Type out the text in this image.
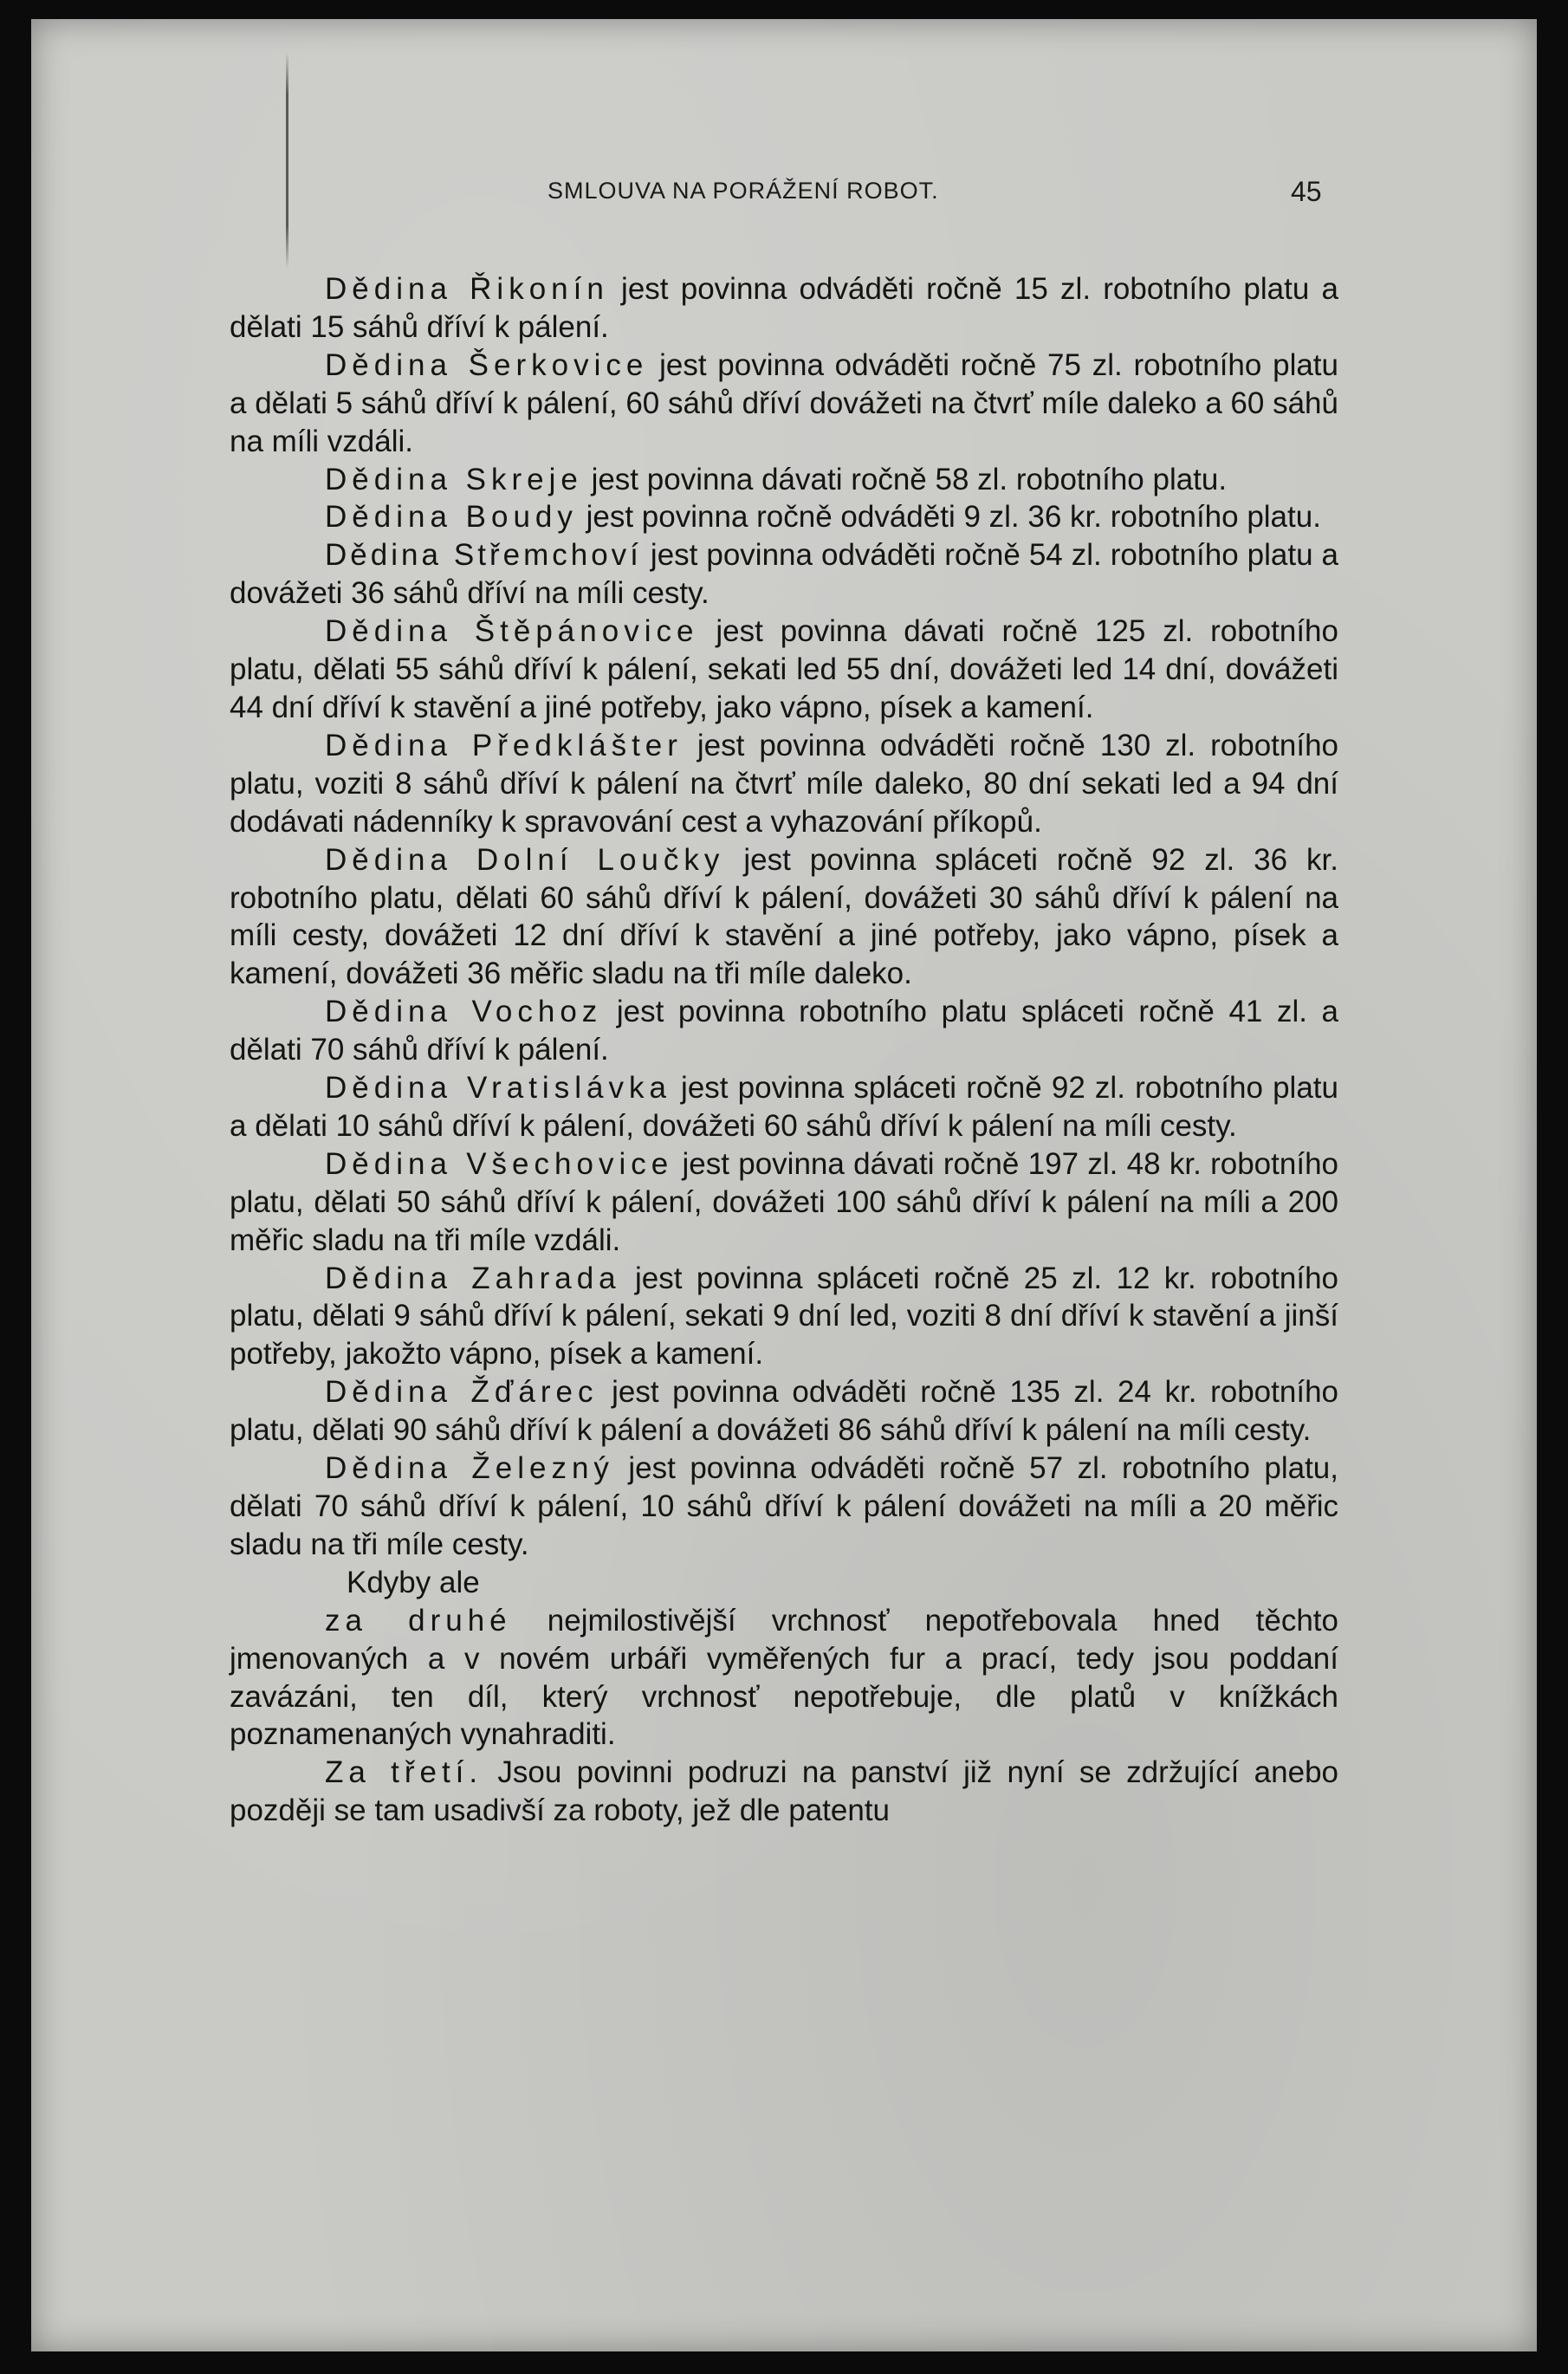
SMLOUVA NA PORÁŽENÍ ROBOT.	45

Dědina Řikonín jest povinna odváděti ročně 15 zl. robotního platu a dělati 15 sáhů dříví k pálení.

Dědina Šerkovice jest povinna odváděti ročně 75 zl. robotního platu a dělati 5 sáhů dříví k pálení, 60 sáhů dříví dovážeti na čtvrť míle daleko a 60 sáhů na míli vzdáli.

Dědina Skreje jest povinna dávati ročně 58 zl. robotního platu.

Dědina Boudy jest povinna ročně odváděti 9 zl. 36 kr. robotního platu.

Dědina Střemchoví jest povinna odváděti ročně 54 zl. robotního platu a dovážeti 36 sáhů dříví na míli cesty.

Dědina Štěpánovice jest povinna dávati ročně 125 zl. robotního platu, dělati 55 sáhů dříví k pálení, sekati led 55 dní, dovážeti led 14 dní, dovážeti 44 dní dříví k stavění a jiné potřeby, jako vápno, písek a kamení.

Dědina Předklášter jest povinna odváděti ročně 130 zl. robotního platu, voziti 8 sáhů dříví k pálení na čtvrť míle daleko, 80 dní sekati led a 94 dní dodávati nádenníky k spravování cest a vyhazování příkopů.

Dědina Dolní Loučky jest povinna spláceti ročně 92 zl. 36 kr. robotního platu, dělati 60 sáhů dříví k pálení, dovážeti 30 sáhů dříví k pálení na míli cesty, dovážeti 12 dní dříví k stavění a jiné potřeby, jako vápno, písek a kamení, dovážeti 36 měřic sladu na tři míle daleko.

Dědina Vochoz jest povinna robotního platu spláceti ročně 41 zl. a dělati 70 sáhů dříví k pálení.

Dědina Vratislávka jest povinna spláceti ročně 92 zl. robotního platu a dělati 10 sáhů dříví k pálení, dovážeti 60 sáhů dříví k pálení na míli cesty.

Dědina Všechovice jest povinna dávati ročně 197 zl. 48 kr. robotního platu, dělati 50 sáhů dříví k pálení, dovážeti 100 sáhů dříví k pálení na míli a 200 měřic sladu na tři míle vzdáli.

Dědina Zahrada jest povinna spláceti ročně 25 zl. 12 kr. robotního platu, dělati 9 sáhů dříví k pálení, sekati 9 dní led, voziti 8 dní dříví k stavění a jinší potřeby, jakožto vápno, písek a kamení.

Dědina Žďárec jest povinna odváděti ročně 135 zl. 24 kr. robotního platu, dělati 90 sáhů dříví k pálení a dovážeti 86 sáhů dříví k pálení na míli cesty.

Dědina Železný jest povinna odváděti ročně 57 zl. robotního platu, dělati 70 sáhů dříví k pálení, 10 sáhů dříví k pálení dovážeti na míli a 20 měřic sladu na tři míle cesty.

Kdyby ale

za druhé nejmilostivější vrchnosť nepotřebovala hned těchto jmenovaných a v novém urbáři vyměřených fur a prací, tedy jsou poddaní zavázáni, ten díl, který vrchnosť nepotřebuje, dle platů v knížkách poznamenaných vynahraditi.

Za třetí. Jsou povinni podruzi na panství již nyní se zdržující anebo později se tam usadivší za roboty, jež dle patentu
